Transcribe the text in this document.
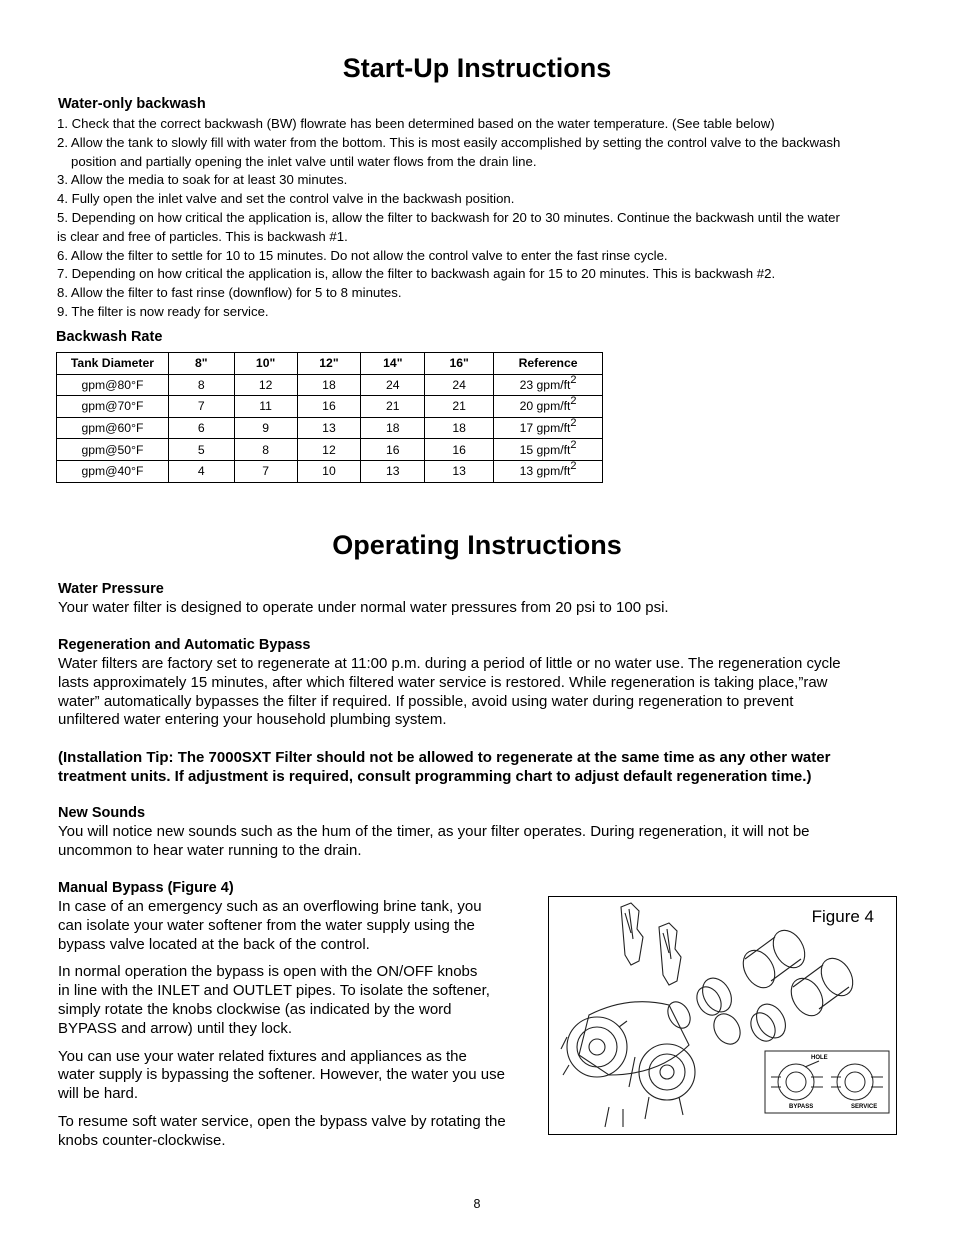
Start-Up Instructions
Water-only backwash
1. Check that the correct backwash (BW) flowrate has been determined based on the water temperature. (See table below)
2. Allow the tank to slowly fill with water from the bottom. This is most easily accomplished by setting the control valve to the backwash
position and partially opening the inlet valve until water flows from the drain line.
3. Allow the media to soak for at least 30 minutes.
4. Fully open the inlet valve and set the control valve in the backwash position.
5. Depending on how critical the application is, allow the filter to backwash for 20 to 30 minutes. Continue the backwash until the water
is clear and free of particles. This is backwash #1.
6. Allow the filter to settle for 10 to 15 minutes. Do not allow the control valve to enter the fast rinse cycle.
7. Depending on how critical the application is, allow the filter to backwash again for 15 to 20 minutes. This is backwash #2.
8. Allow the filter to fast rinse (downflow) for 5 to 8 minutes.
9. The filter is now ready for service.
Backwash Rate
Tank Diameter	8"	10"	12"	14"	16"	Reference
gpm@80°F	8	12	18	24	24	23 gpm/$ft^2$
gpm@70°F	7	11	16	21	21	20 gpm/$ft^2$
gpm@60°F	6	9	13	18	18	17 gpm/$ft^2$
gpm@50°F	5	8	12	16	16	15 gpm/$ft^2$
gpm@40°F	4	7	10	13	13	13 gpm/$ft^2$
Operating Instructions
Water Pressure
Your water filter is designed to operate under normal water pressures from 20 psi to 100 psi.
Regeneration and Automatic Bypass
Water filters are factory set to regenerate at 11:00 p.m. during a period of little or no water use. The regeneration cycle
lasts approximately 15 minutes, after which filtered water service is restored. While regeneration is taking place,”raw
water” automatically bypasses the filter if required. If possible, avoid using water during regeneration to prevent
unfiltered water entering your household plumbing system.
(Installation Tip: The 7000SXT Filter should not be allowed to regenerate at the same time as any other water
treatment units. If adjustment is required, consult programming chart to adjust default regeneration time.)
New Sounds
You will notice new sounds such as the hum of the timer, as your filter operates. During regeneration, it will not be
uncommon to hear water running to the drain.
Manual Bypass (Figure 4)
In case of an emergency such as an overflowing brine tank, you
can isolate your water softener from the water supply using the
bypass valve located at the back of the control.
In normal operation the bypass is open with the ON/OFF knobs
in line with the INLET and OUTLET pipes. To isolate the softener,
simply rotate the knobs clockwise (as indicated by the word
BYPASS and arrow) until they lock.
You can use your water related fixtures and appliances as the
water supply is bypassing the softener. However, the water you use
will be hard.
To resume soft water service, open the bypass valve by rotating the
knobs counter-clockwise.
Figure 4
HOLE
BYPASS	SERVICE
8
